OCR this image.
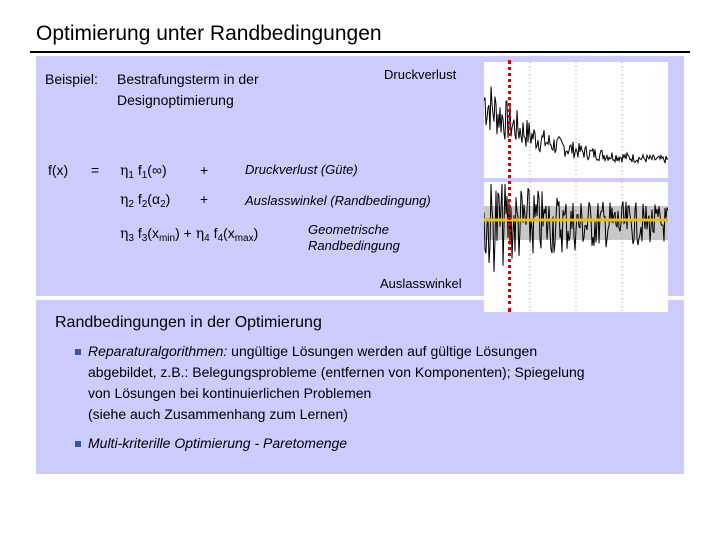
Optimierung unter Randbedingungen
Beispiel: Bestrafungsterm in der
Designoptimierung
$f(x) = \eta_1$ $f_1(\infty)$ +
$\eta_2$ $f_2(\alpha_2)$ +
$\eta_3$ $f_3(x_{min}) + \eta_4$ $f_4(x_{max})$
Druckverlust (Güte)
Auslasswinkel (Randbedingung)
Geometrische
Randbedingung
Druckverlust
Auslasswinkel
Randbedingungen in der Optimierung
Reparaturalgorithmen: ungültige Lösungen werden auf gültige Lösungen
abgebildet, z.B.: Belegungsprobleme (entfernen von Komponenten); Spiegelung
von Lösungen bei kontinuierlichen Problemen
(siehe auch Zusammenhang zum Lernen)
Multi-kriterille Optimierung - Paretomenge
